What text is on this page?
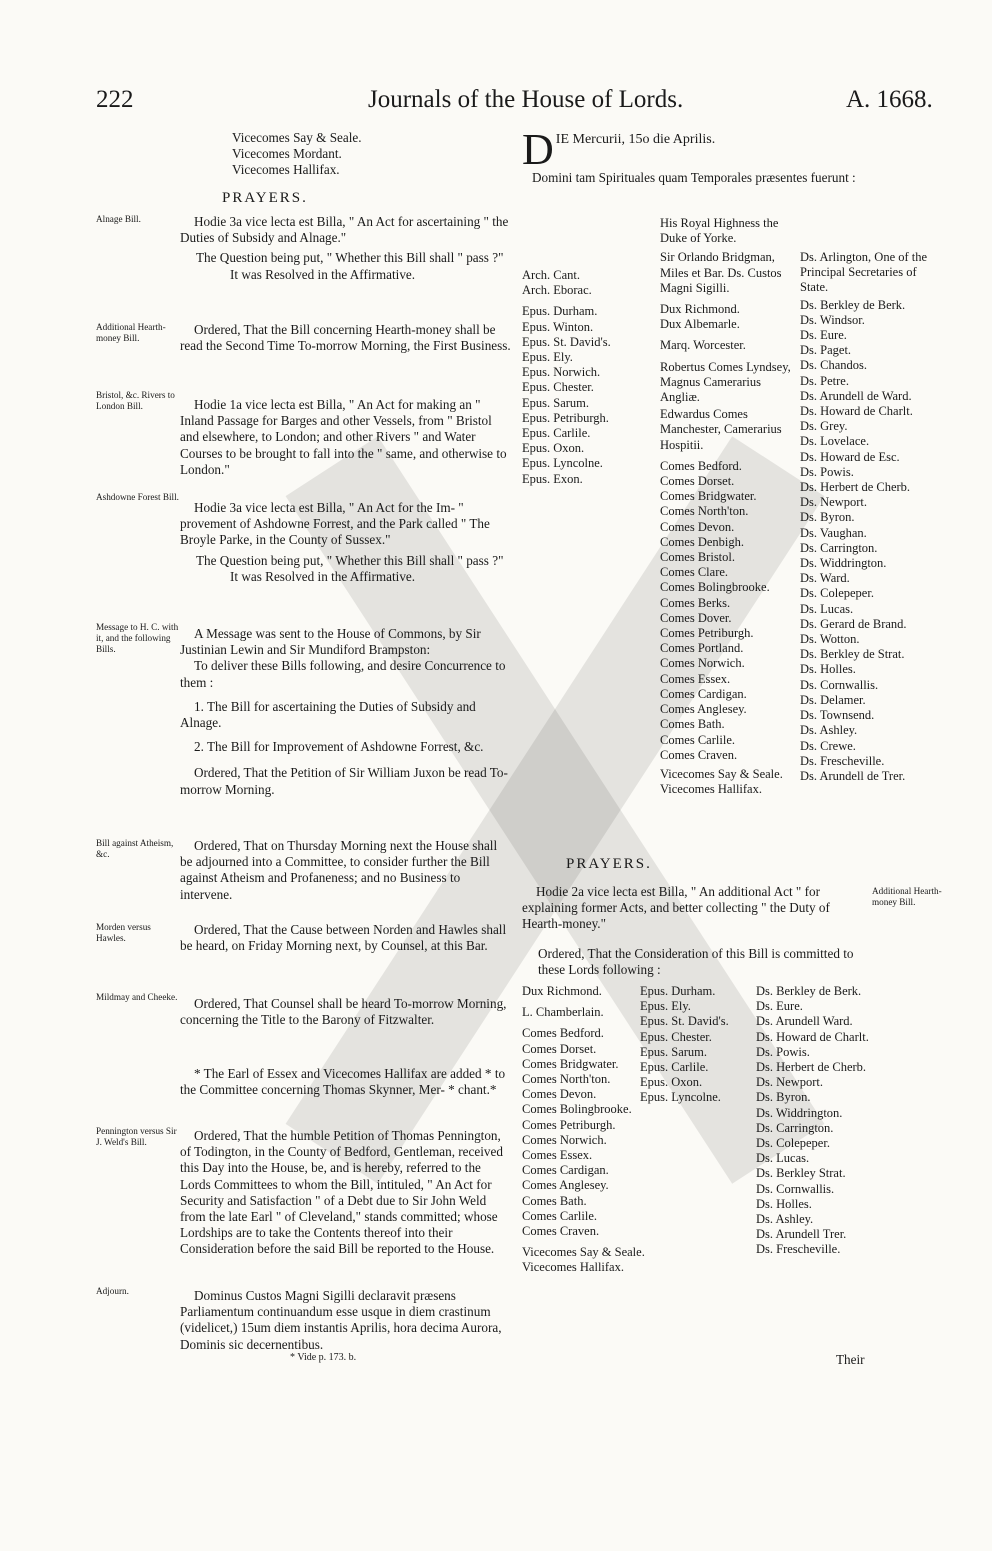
222	Journals of the House of Lords.	A. 1668.
Vicecomes Say & Seale.
Vicecomes Mordant.
Vicecomes Hallifax.
PRAYERS.
Alnage Bill.	Hodie 3a vice lecta est Billa, " An Act for ascertaining " the Duties of Subsidy and Alnage."

The Question being put, " Whether this Bill shall " pass ?"

It was Resolved in the Affirmative.

Additional Hearth-money Bill.

Ordered, That the Bill concerning Hearth-money shall be read the Second Time To-morrow Morning, the First Business.

Bristol, &c. Rivers to London Bill.	Hodie 1a vice lecta est Billa, " An Act for making an " Inland Passage for Barges and other Vessels, from " Bristol and elsewhere, to London; and other Rivers " and Water Courses to be brought to fall into the " same, and otherwise to London."

Ashdowne Forest Bill.

Hodie 3a vice lecta est Billa, " An Act for the Im- " provement of Ashdowne Forrest, and the Park called " The Broyle Parke, in the County of Sussex."

The Question being put, " Whether this Bill shall " pass ?"

It was Resolved in the Affirmative.

Message to H. C. with it, and the following Bills.

A Message was sent to the House of Commons, by Sir Justinian Lewin and Sir Mundiford Brampston:

To deliver these Bills following, and desire Concurrence to them :

1. The Bill for ascertaining the Duties of Subsidy and Alnage.

2. The Bill for Improvement of Ashdowne Forrest, &c.

Ordered, That the Petition of Sir William Juxon be read To-morrow Morning.

Bill against Atheism, &c.

Ordered, That on Thursday Morning next the House shall be adjourned into a Committee, to consider further the Bill against Atheism and Profaneness; and no Business to intervene.

Morden versus Hawles.

Ordered, That the Cause between Norden and Hawles shall be heard, on Friday Morning next, by Counsel, at this Bar.

Mildmay and Cheeke.	Ordered, That Counsel shall be heard To-morrow Morning, concerning the Title to the Barony of Fitzwalter.

* The Earl of Essex and Vicecomes Hallifax are added * to the Committee concerning Thomas Skynner, Mer- * chant.*

Pennington versus Sir J. Weld's Bill.	Ordered, That the humble Petition of Thomas Pennington, of Todington, in the County of Bedford, Gentleman, received this Day into the House, be, and is hereby, referred to the Lords Committees to whom the Bill, intituled, " An Act for Security and Satisfaction " of a Debt due to Sir John Weld from the late Earl " of Cleveland," stands committed; whose Lordships are to take the Contents thereof into their Consideration before the said Bill be reported to the House.

Adjourn.	Dominus Custos Magni Sigilli declaravit præsens Parliamentum continuandum esse usque in diem crastinum (videlicet,) 15um diem instantis Aprilis, hora decima Aurora, Dominis sic decernentibus.

* Vide p. 173. b.
D IE Mercurii, 15o die Aprilis.

Domini tam Spirituales quam Temporales præsentes fuerunt :

Arch. Cant.
Arch. Eborac.
Epus. Durham.
Epus. Winton.
Epus. St. David's.
Epus. Ely.
Epus. Norwich.
Epus. Chester.
Epus. Sarum.
Epus. Petriburgh.
Epus. Carlile.
Epus. Oxon.
Epus. Lyncolne.
Epus. Exon.

His Royal Highness the Duke of Yorke.

Sir Orlando Bridgman, Miles et Bar. Ds. Custos Magni Sigilli.

Dux Richmond.
Dux Albemarle.
Marq. Worcester.

Robertus Comes Lyndsey, Magnus Camerarius Angliæ.

Edwardus Comes Manchester, Camerarius Hospitii.

Comes Bedford.
Comes Dorset.
Comes Bridgwater.
Comes North'ton.
Comes Devon.
Comes Denbigh.
Comes Bristol.
Comes Clare.
Comes Bolingbrooke.
Comes Berks.
Comes Dover.
Comes Petriburgh.
Comes Portland.
Comes Norwich.
Comes Essex.
Comes Cardigan.
Comes Anglesey.
Comes Bath.
Comes Carlile.
Comes Craven.
Vicecomes Say & Seale.
Vicecomes Hallifax.

Ds. Arlington, One of the Principal Secretaries of State.

Ds. Berkley de Berk.
Ds. Windsor.
Ds. Eure.
Ds. Paget.
Ds. Chandos.
Ds. Petre.
Ds. Arundell de Ward.
Ds. Howard de Charlt.
Ds. Grey.
Ds. Lovelace.
Ds. Howard de Esc.
Ds. Powis.
Ds. Herbert de Cherb.
Ds. Newport.
Ds. Byron.
Ds. Vaughan.
Ds. Carrington.
Ds. Widdrington.
Ds. Ward.
Ds. Colepeper.
Ds. Lucas.
Ds. Gerard de Brand.
Ds. Wotton.
Ds. Berkley de Strat.
Ds. Holles.
Ds. Cornwallis.
Ds. Delamer.
Ds. Townsend.
Ds. Ashley.
Ds. Crewe.
Ds. Frescheville.
Ds. Arundell de Trer.
PRAYERS.

Hodie 2a vice lecta est Billa, " An additional Act " for explaining former Acts, and better collecting " the Duty of Hearth-money."

Additional Hearth-money Bill.

Ordered, That the Consideration of this Bill is committed to these Lords following :

Dux Richmond.
L. Chamberlain.
Comes Bedford.
Comes Dorset.
Comes Bridgwater.
Comes North'ton.
Comes Devon.
Comes Bolingbrooke.
Comes Petriburgh.
Comes Norwich.
Comes Essex.
Comes Cardigan.
Comes Anglesey.
Comes Bath.
Comes Carlile.
Comes Craven.
Vicecomes Say & Seale.
Vicecomes Hallifax.
Epus. Durham.
Epus. Ely.
Epus. St. David's.
Epus. Chester.
Epus. Sarum.
Epus. Carlile.
Epus. Oxon.
Epus. Lyncolne.
Ds. Berkley de Berk.
Ds. Eure.
Ds. Arundell Ward.
Ds. Howard de Charlt.
Ds. Powis.
Ds. Herbert de Cherb.
Ds. Newport.
Ds. Byron.
Ds. Widdrington.
Ds. Carrington.
Ds. Colepeper.
Ds. Lucas.
Ds. Berkley Strat.
Ds. Cornwallis.
Ds. Holles.
Ds. Ashley.
Ds. Arundell Trer.
Ds. Frescheville.
Their
